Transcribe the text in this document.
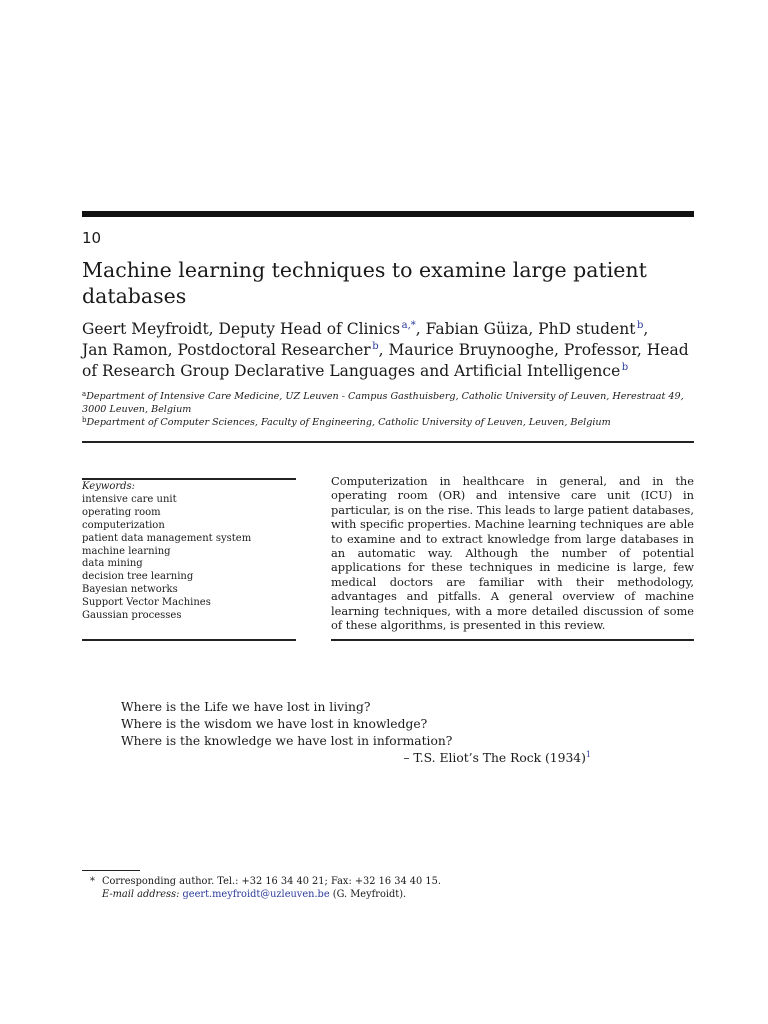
10
Machine learning techniques to examine large patient databases
Geert Meyfroidt, Deputy Head of Clinics  $^{a,*}$, Fabian Güiza, PhD student  $^b$,
Jan Ramon, Postdoctoral Researcher  $^b$, Maurice Bruynooghe, Professor, Head of Research Group Declarative Languages and Artificial Intelligence  $^b$
$^a$Department of Intensive Care Medicine, UZ Leuven - Campus Gasthuisberg, Catholic University of Leuven, Herestraat 49, 3000 Leuven, Belgium
$^b$Department of Computer Sciences, Faculty of Engineering, Catholic University of Leuven, Leuven, Belgium
Keywords:
intensive care unit
operating room
computerization
patient data management system
machine learning
data mining
decision tree learning
Bayesian networks
Support Vector Machines
Gaussian processes

Computerization in healthcare in general, and in the operating room (OR) and intensive care unit (ICU) in particular, is on the rise. This leads to large patient databases, with specific properties. Machine learning techniques are able to examine and to extract knowledge from large databases in an automatic way. Although the number of potential applications for these techniques in medicine is large, few medical doctors are familiar with their methodology, advantages and pitfalls. A general overview of machine learning techniques, with a more detailed discussion of some of these algorithms, is presented in this review.

Where is the Life we have lost in living?
Where is the wisdom we have lost in knowledge?
Where is the knowledge we have lost in information?
– T.S. Eliot’s The Rock $(1934)^1$
* Corresponding author. Tel.: +32 16 34 40 21; Fax: +32 16 34 40 15.
E-mail address: geert.meyfroidt@uzleuven.be (G. Meyfroidt).
